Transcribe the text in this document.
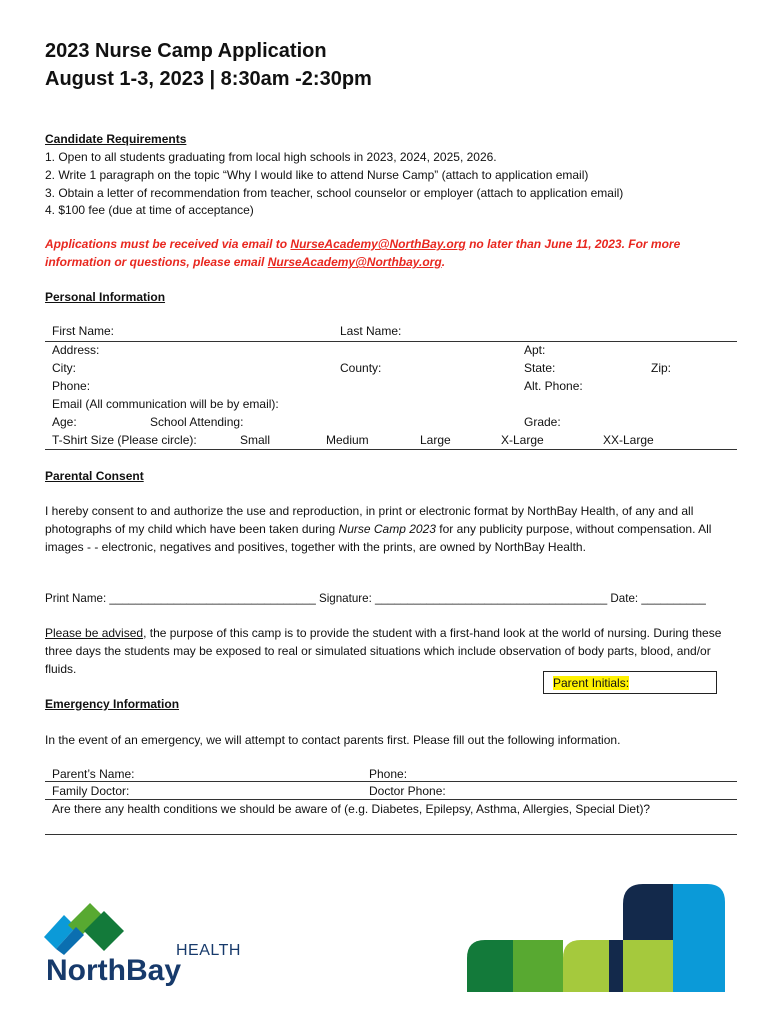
2023 Nurse Camp Application
August 1-3, 2023 | 8:30am -2:30pm
Candidate Requirements
1. Open to all students graduating from local high schools in 2023, 2024, 2025, 2026.
2. Write 1 paragraph on the topic “Why I would like to attend Nurse Camp” (attach to application email)
3. Obtain a letter of recommendation from teacher, school counselor or employer (attach to application email)
4. $100 fee (due at time of acceptance)
Applications must be received via email to NurseAcademy@NorthBay.org no later than June 11, 2023. For more
information or questions, please email NurseAcademy@Northbay.org.
Personal Information
First Name:	Last Name:
Address:	Apt:
City:	County:	State:	Zip:
Phone:	Alt. Phone:
Email (All communication will be by email):
Age:	School Attending:	Grade:
T-Shirt Size (Please circle):	Small	Medium	Large	X-Large	XX-Large
Parental Consent
I hereby consent to and authorize the use and reproduction, in print or electronic format by NorthBay Health, of any and all photographs of my child which have been taken during Nurse Camp 2023 for any publicity purpose, without compensation. All images - - electronic, negatives and positives, together with the prints, are owned by NorthBay Health.
Print Name: ________________________________ Signature: ____________________________________ Date: __________
Please be advised, the purpose of this camp is to provide the student with a first-hand look at the world of nursing. During these three days the students may be exposed to real or simulated situations which include observation of body parts, blood, and/or fluids.
Parent Initials:
Emergency Information
In the event of an emergency, we will attempt to contact parents first. Please fill out the following information.
Parent’s Name:	Phone:
Family Doctor:	Doctor Phone:
Are there any health conditions we should be aware of (e.g. Diabetes, Epilepsy, Asthma, Allergies, Special Diet)?
HEALTH
NorthBay
